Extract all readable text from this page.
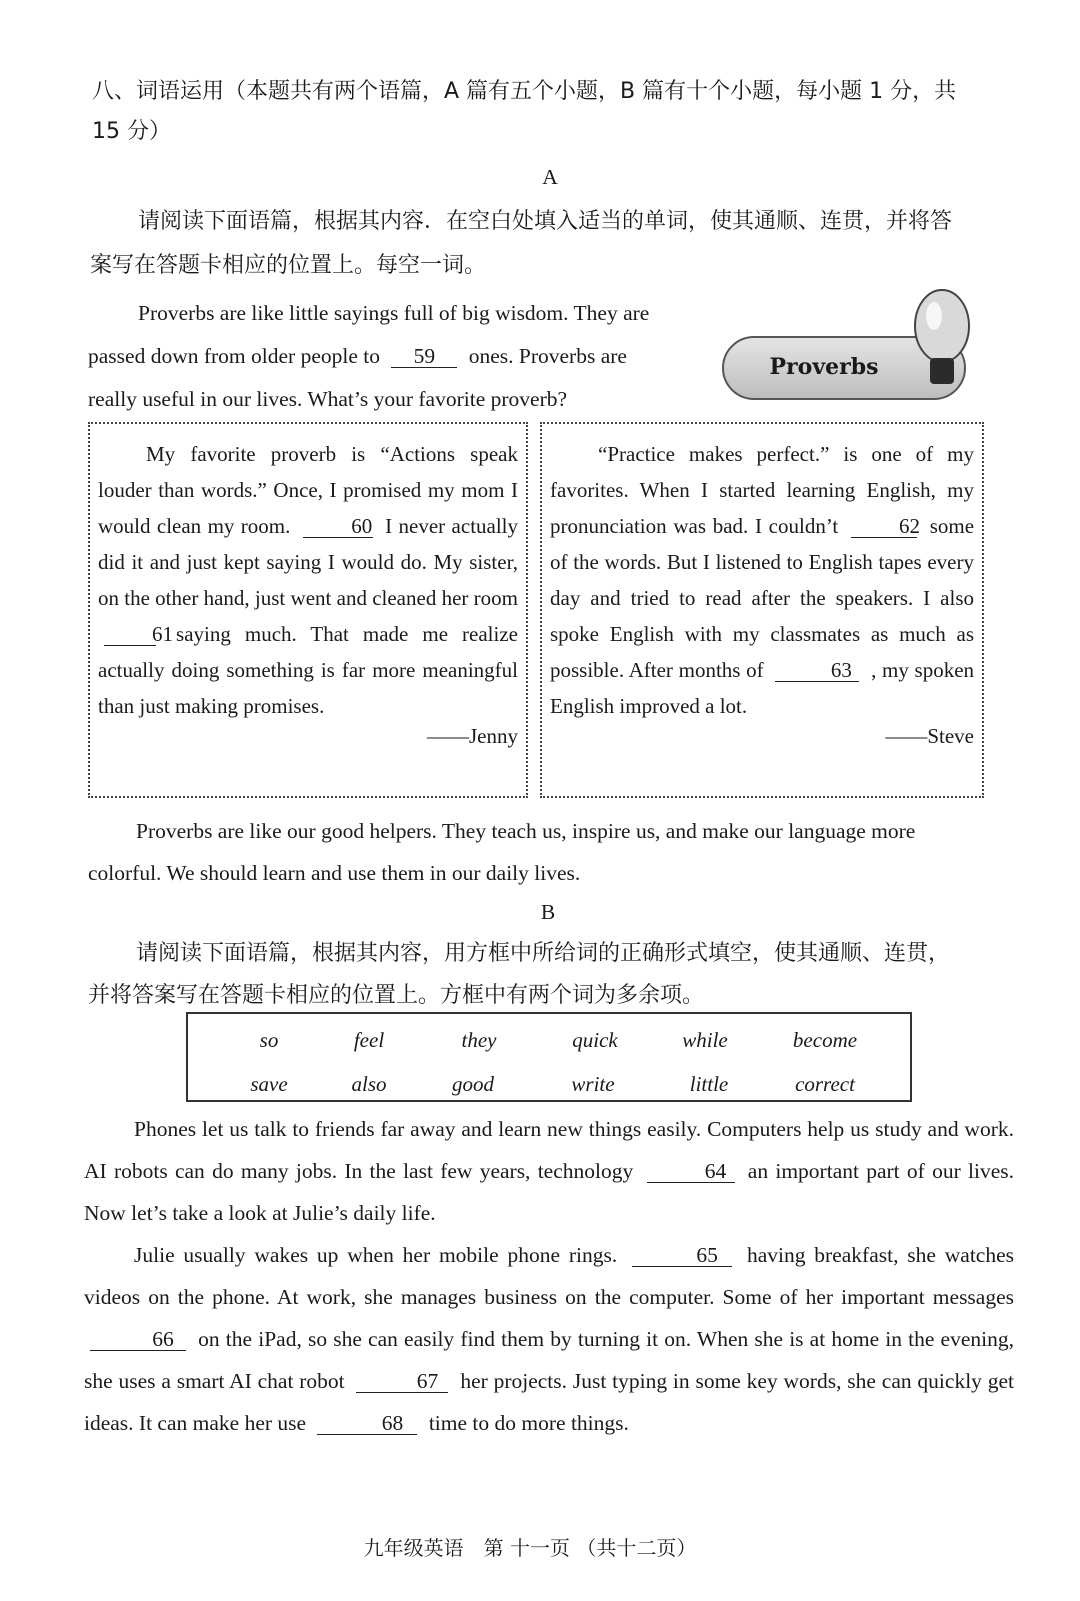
八、词语运用（本题共有两个语篇，A 篇有五个小题，B 篇有十个小题，每小题 1 分，共
15 分）
A
请阅读下面语篇，根据其内容．在空白处填入适当的单词，使其通顺、连贯，并将答
案写在答题卡相应的位置上。每空一词。
Proverbs are like little sayings full of big wisdom. They are
passed down from older people to 59 ones. Proverbs are
really useful in our lives. What’s your favorite proverb?
Proverbs

My favorite proverb is “Actions speak louder than words.” Once, I promised my mom I would clean my room.	60 I never actually did it and just kept saying I would do. My sister, on the other hand, just went and cleaned her room 61 saying much. That made me realize actually doing something is far more meaningful than just making promises.

——Jenny

“Practice makes perfect.” is one of my favorites. When I started learning English, my pronunciation was bad. I couldn’t	62 some of the words. But I listened to English tapes every day and tried to read after the speakers. I also spoke English with my classmates as much as possible. After months of	63 , my spoken English improved a lot.

——Steve
Proverbs are like our good helpers. They teach us, inspire us, and make our language more
colorful. We should learn and use them in our daily lives.
B
请阅读下面语篇，根据其内容，用方框中所给词的正确形式填空，使其通顺、连贯，
并将答案写在答题卡相应的位置上。方框中有两个词为多余项。
so	feel	they	quick	while	become
save	also	good	write	little	correct

Phones let us talk to friends far away and learn new things easily. Computers help us study and work. AI robots can do many jobs. In the last few years, technology	64 an important part of our lives. Now let’s take a look at Julie’s daily life.

Julie usually wakes up when her mobile phone rings.	65 having breakfast, she watches videos on the phone. At work, she manages business on the computer. Some of her important messages 66 on the iPad, so she can easily find them by turning it on. When she is at home in the evening, she uses a smart AI chat robot	67 her projects. Just typing in some key words, she can quickly get ideas. It can make her use	68 time to do more things.

九年级英语　第 十一页 （共十二页）
